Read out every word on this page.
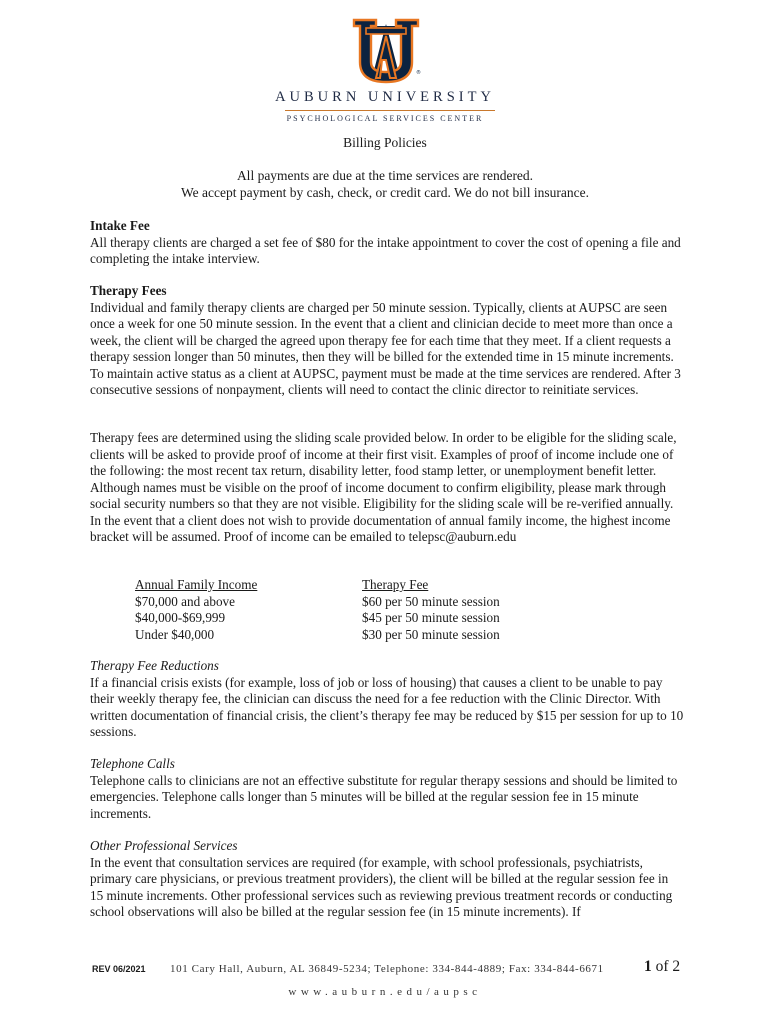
®
AUBURN UNIVERSITY
PSYCHOLOGICAL SERVICES CENTER
Billing Policies
All payments are due at the time services are rendered.
We accept payment by cash, check, or credit card. We do not bill insurance.

Intake Fee

All therapy clients are charged a set fee of $80 for the intake appointment to cover the cost of opening a file and completing the intake interview.

Therapy Fees

Individual and family therapy clients are charged per 50 minute session. Typically, clients at AUPSC are seen once a week for one 50 minute session. In the event that a client and clinician decide to meet more than once a week, the client will be charged the agreed upon therapy fee for each time that they meet. If a client requests a therapy session longer than 50 minutes, then they will be billed for the extended time in 15 minute increments. To maintain active status as a client at AUPSC, payment must be made at the time services are rendered. After 3 consecutive sessions of nonpayment, clients will need to contact the clinic director to reinitiate services.

Therapy fees are determined using the sliding scale provided below. In order to be eligible for the sliding scale, clients will be asked to provide proof of income at their first visit. Examples of proof of income include one of the following: the most recent tax return, disability letter, food stamp letter, or unemployment benefit letter. Although names must be visible on the proof of income document to confirm eligibility, please mark through social security numbers so that they are not visible. Eligibility for the sliding scale will be re-verified annually. In the event that a client does not wish to provide documentation of annual family income, the highest income bracket will be assumed. Proof of income can be emailed to telepsc@auburn.edu

Annual Family Income
$70,000 and above
$40,000-$69,999
Under $40,000
Therapy Fee
$60 per 50 minute session
$45 per 50 minute session
$30 per 50 minute session

Therapy Fee Reductions

If a financial crisis exists (for example, loss of job or loss of housing) that causes a client to be unable to pay their weekly therapy fee, the clinician can discuss the need for a fee reduction with the Clinic Director. With written documentation of financial crisis, the client’s therapy fee may be reduced by $15 per session for up to 10 sessions.

Telephone Calls

Telephone calls to clinicians are not an effective substitute for regular therapy sessions and should be limited to emergencies. Telephone calls longer than 5 minutes will be billed at the regular session fee in 15 minute increments.

Other Professional Services

In the event that consultation services are required (for example, with school professionals, psychiatrists, primary care physicians, or previous treatment providers), the client will be billed at the regular session fee in 15 minute increments. Other professional services such as reviewing previous treatment records or conducting school observations will also be billed at the regular session fee (in 15 minute increments). If

REV 06/2021 101 Cary Hall, Auburn, AL 36849-5234; Telephone: 334-844-4889; Fax: 334-844-6671	1 of 2
www.auburn.edu/aupsc
